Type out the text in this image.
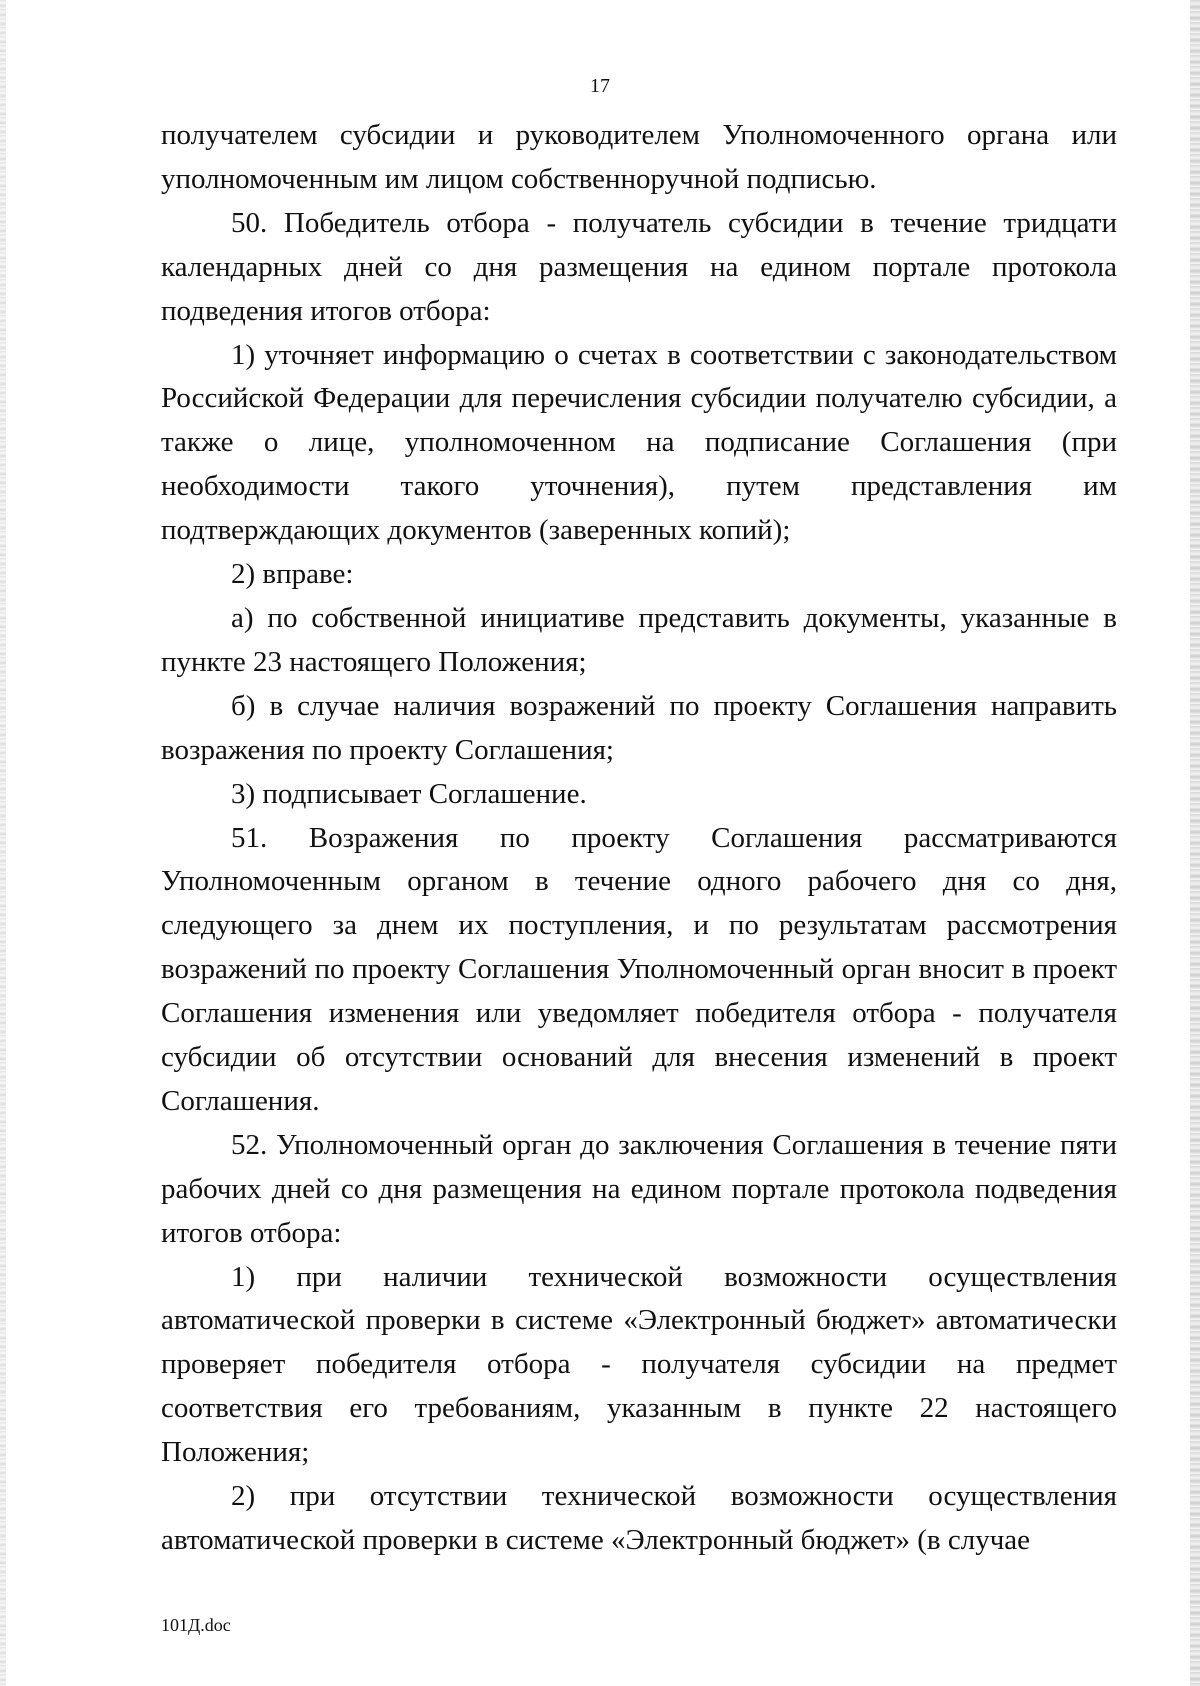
17

получателем субсидии и руководителем Уполномоченного органа или уполномоченным им лицом собственноручной подписью.

50. Победитель отбора - получатель субсидии в течение тридцати календарных дней со дня размещения на едином портале протокола подведения итогов отбора:

1) уточняет информацию о счетах в соответствии с законодательством Российской Федерации для перечисления субсидии получателю субсидии, а также о лице, уполномоченном на подписание Соглашения (при необходимости такого уточнения), путем представления им подтверждающих документов (заверенных копий);

2) вправе:

а) по собственной инициативе представить документы, указанные в пункте 23 настоящего Положения;

б) в случае наличия возражений по проекту Соглашения направить возражения по проекту Соглашения;

3) подписывает Соглашение.

51. Возражения по проекту Соглашения рассматриваются Уполномоченным органом в течение одного рабочего дня со дня, следующего за днем их поступления, и по результатам рассмотрения возражений по проекту Соглашения Уполномоченный орган вносит в проект Соглашения изменения или уведомляет победителя отбора - получателя субсидии об отсутствии оснований для внесения изменений в проект Соглашения.

52. Уполномоченный орган до заключения Соглашения в течение пяти рабочих дней со дня размещения на едином портале протокола подведения итогов отбора:

1) при наличии технической возможности осуществления автоматической проверки в системе «Электронный бюджет» автоматически проверяет победителя отбора - получателя субсидии на предмет соответствия его требованиям, указанным в пункте 22 настоящего Положения;

2) при отсутствии технической возможности осуществления автоматической проверки в системе «Электронный бюджет» (в случае

101Д.doc
